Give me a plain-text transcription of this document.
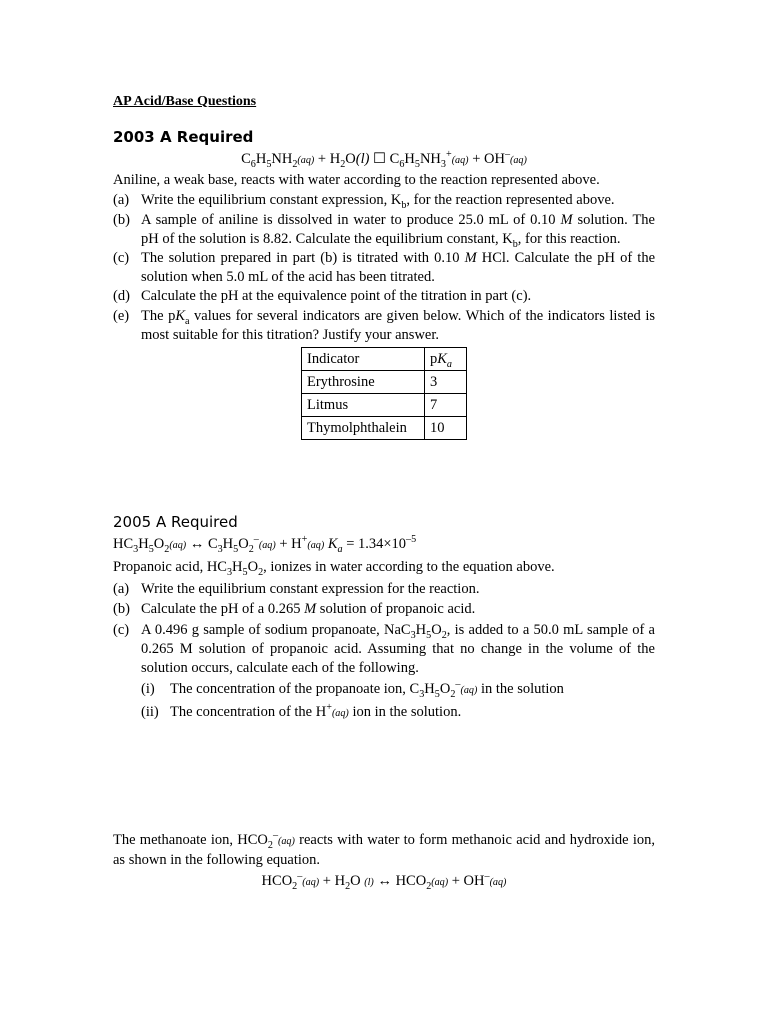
AP Acid/Base Questions
2003 A Required
$C_6H_5NH_2(aq) + H_2O(l)$ ☐ $C_6H_5NH_3^+(aq) + OH^-(aq)$
Aniline, a weak base, reacts with water according to the reaction represented above.
(a) Write the equilibrium constant expression, $K_b$, for the reaction represented above.
(b) A sample of aniline is dissolved in water to produce 25.0 mL of 0.10 M solution. The pH of the solution is 8.82. Calculate the equilibrium constant, $K_b$, for this reaction.
(c) The solution prepared in part (b) is titrated with 0.10 M HCl. Calculate the pH of the solution when 5.0 mL of the acid has been titrated.
(d) Calculate the pH at the equivalence point of the titration in part (c).
(e) The $pK_a$ values for several indicators are given below. Which of the indicators listed is most suitable for this titration? Justify your answer.
Indicator	$pK_a$
Erythrosine	3
Litmus	7
Thymolphthalein	10
2005 A Required
$HC_3H_5O_2(aq)$ ↔ $C_3H_5O_2^-(aq) + H^+(aq) K_a = 1.34\times 10^{-5}$
Propanoic acid, $HC_3H_5O_2$, ionizes in water according to the equation above.
(a) Write the equilibrium constant expression for the reaction.
(b) Calculate the pH of a 0.265 M solution of propanoic acid.
(c) A 0.496 g sample of sodium propanoate, $NaC_3H_5O_2$, is added to a 50.0 mL sample of a 0.265 M solution of propanoic acid. Assuming that no change in the volume of the solution occurs, calculate each of the following.
(i) The concentration of the propanoate ion, $C_3H_5O_2^-(aq)$ in the solution
(ii) The concentration of the H+(aq) ion in the solution.
The methanoate ion, $HCO_2^-(aq)$ reacts with water to form methanoic acid and hydroxide ion, as shown in the following equation.
$HCO_2^-(aq) + H_2O$ (l) ↔ $HCO_2(aq) + OH^-(aq)$
